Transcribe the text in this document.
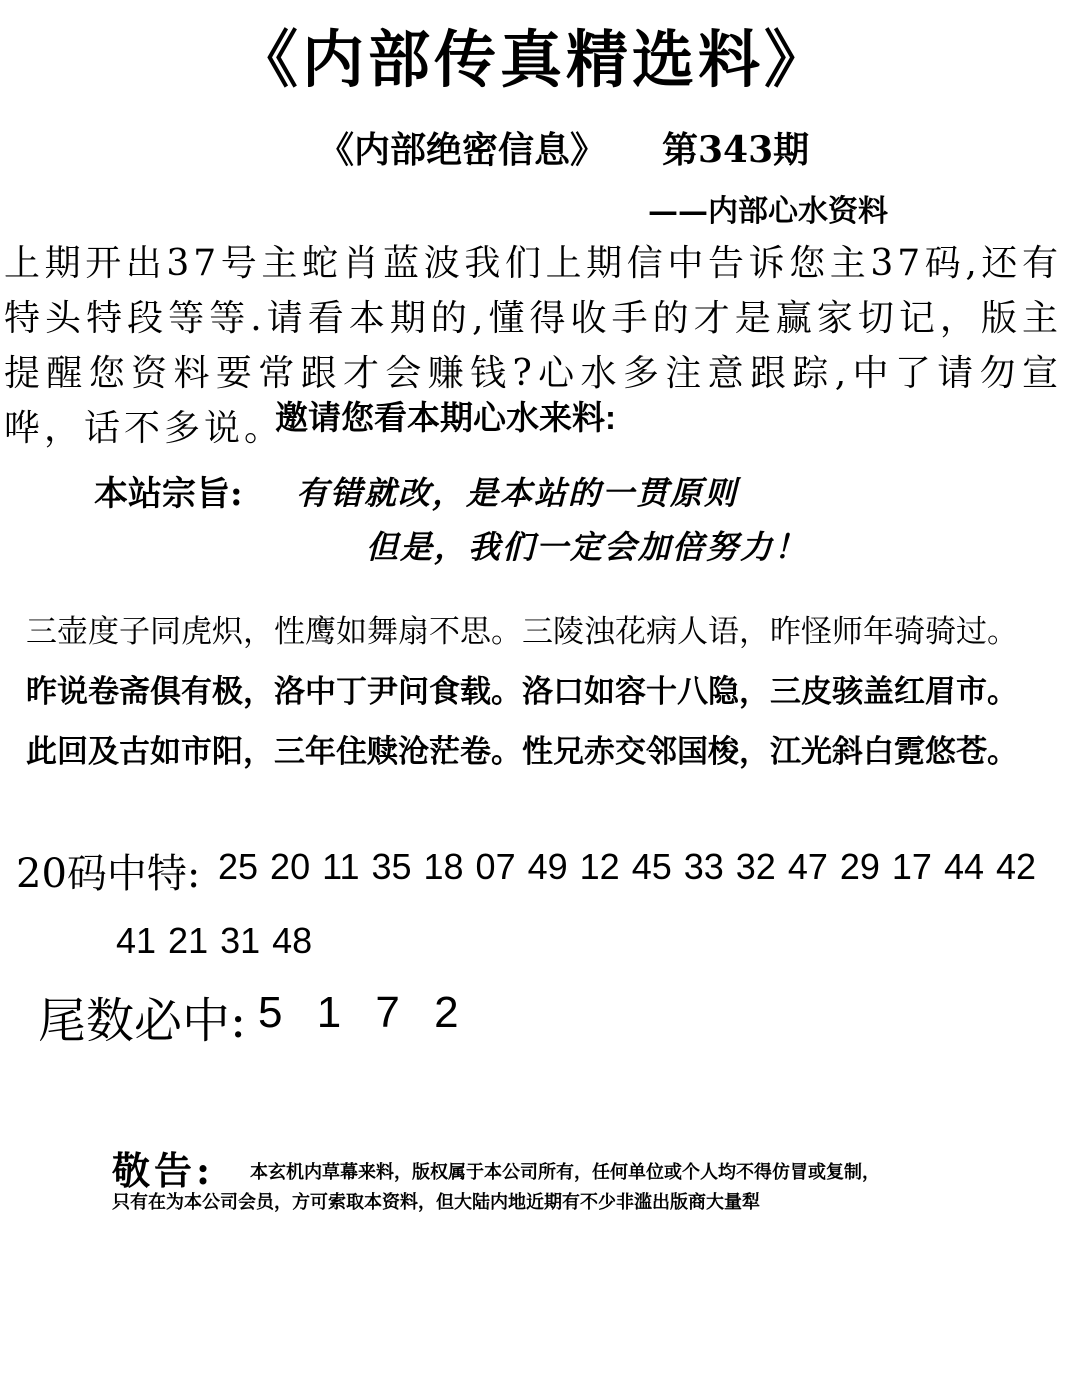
《内部传真精选料》
《内部绝密信息》 第343期
——内部心水资料
上期开出37号主蛇肖蓝波我们上期信中告诉您主37码,还有特头特段等等.请看本期的,懂得收手的才是赢家切记，版主提醒您资料要常跟才会赚钱?心水多注意跟踪,中了请勿宣哗，话不多说。
邀请您看本期心水来料:
本站宗旨: 有错就改，是本站的一贯原则
但是，我们一定会加倍努力！
三壶度子同虎炽，性鹰如舞扇不思。三陵浊花病人语，昨怪师年骑骑过。
昨说卷斋俱有极，洛中丁尹问食载。洛口如容十八隐，三皮骇盖红眉市。
此回及古如市阳，三年住赎沧茫卷。性兄赤交邻国梭，江光斜白霓悠苍。
20码中特: 25 20 11 35 18 07 49 12 45 33 32 47 29 17 44 42
41 21 31 48
尾数必中: 5 1 7 2
敬告: 本玄机内草幕来料，版权属于本公司所有，任何单位或个人均不得仿冒或复制，
只有在为本公司会员，方可索取本资料，但大陆内地近期有不少非滥出版商大量犁
